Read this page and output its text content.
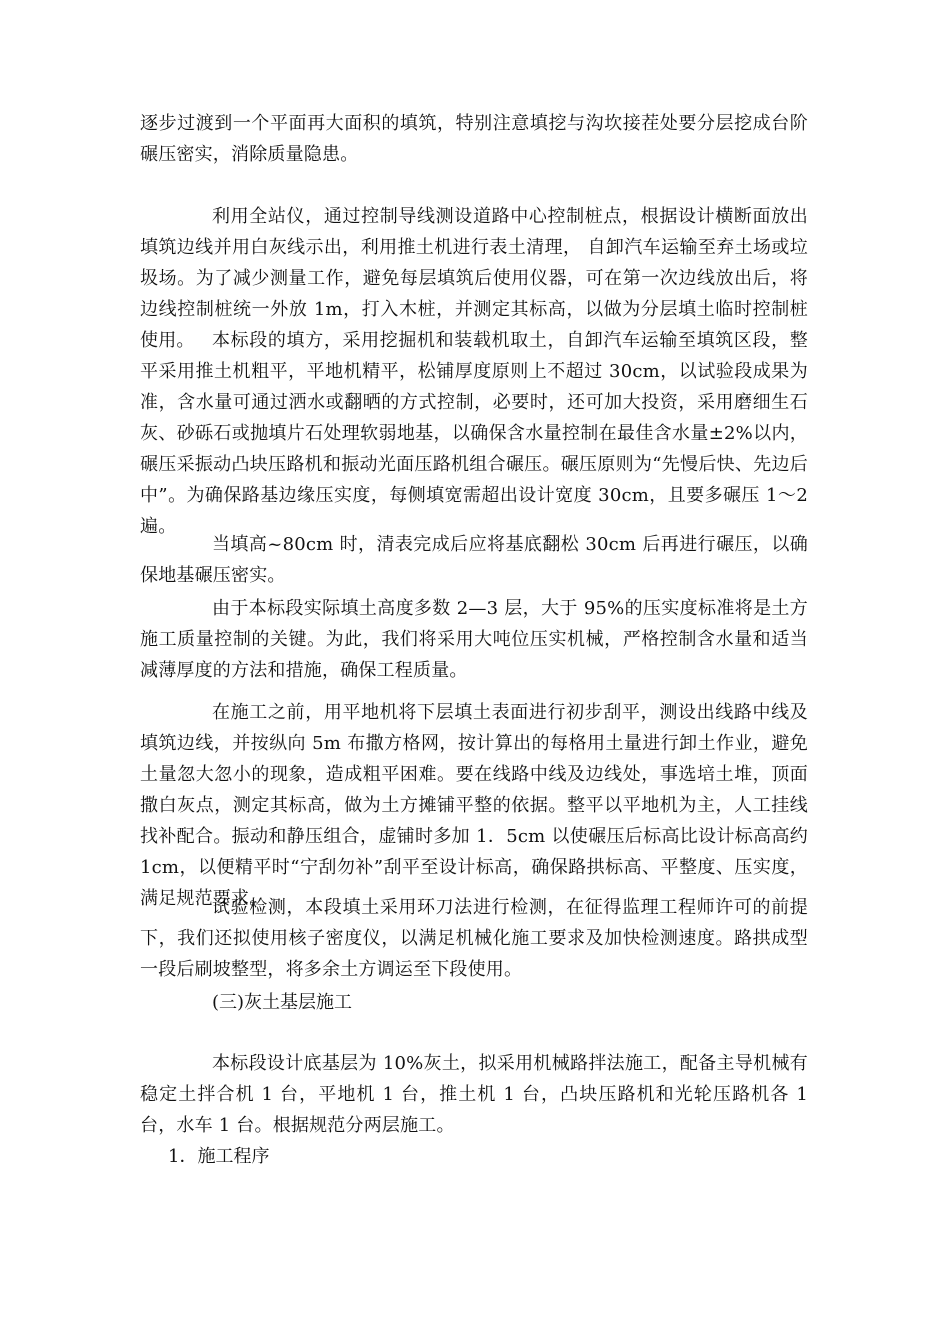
逐步过渡到一个平面再大面积的填筑，特别注意填挖与沟坎接茬处要分层挖成台阶碾压密实，消除质量隐患。

利用全站仪，通过控制导线测设道路中心控制桩点，根据设计横断面放出填筑边线并用白灰线示出，利用推土机进行表土清理， 自卸汽车运输至弃土场或垃圾场。为了减少测量工作，避免每层填筑后使用仪器，可在第一次边线放出后，将边线控制桩统一外放 1m，打入木桩，并测定其标高，以做为分层填土临时控制桩使用。 本标段的填方，采用挖掘机和装载机取土，自卸汽车运输至填筑区段，整平采用推土机粗平，平地机精平，松铺厚度原则上不超过 30cm，以试验段成果为准，含水量可通过洒水或翻晒的方式控制，必要时，还可加大投资，采用磨细生石灰、砂砾石或抛填片石处理软弱地基，以确保含水量控制在最佳含水量±2%以内，碾压采振动凸块压路机和振动光面压路机组合碾压。碾压原则为“先慢后快、先边后中”。为确保路基边缘压实度，每侧填宽需超出设计宽度 30cm，且要多碾压 1～2 遍。

当填高~80cm 时，清表完成后应将基底翻松 30cm 后再进行碾压，以确保地基碾压密实。

由于本标段实际填土高度多数 2—3 层，大于 95%的压实度标准将是土方施工质量控制的关键。为此，我们将采用大吨位压实机械，严格控制含水量和适当减薄厚度的方法和措施，确保工程质量。

在施工之前，用平地机将下层填土表面进行初步刮平，测设出线路中线及填筑边线，并按纵向 5m 布撒方格网，按计算出的每格用土量进行卸土作业，避免土量忽大忽小的现象，造成粗平困难。要在线路中线及边线处，事选培土堆，顶面撒白灰点，测定其标高，做为土方摊铺平整的依据。整平以平地机为主，人工挂线找补配合。振动和静压组合，虚铺时多加 1．5cm 以使碾压后标高比设计标高高约 1cm，以便精平时“宁刮勿补”刮平至设计标高，确保路拱标高、平整度、压实度，满足规范要求。

试验检测，本段填土采用环刀法进行检测，在征得监理工程师许可的前提下，我们还拟使用核子密度仪，以满足机械化施工要求及加快检测速度。路拱成型一段后刷坡整型，将多余土方调运至下段使用。

(三)灰土基层施工

本标段设计底基层为 10%灰土，拟采用机械路拌法施工，配备主导机械有稳定土拌合机 1 台，平地机 1 台，推土机 1 台，凸块压路机和光轮压路机各 1 台，水车 1 台。根据规范分两层施工。

1．施工程序
